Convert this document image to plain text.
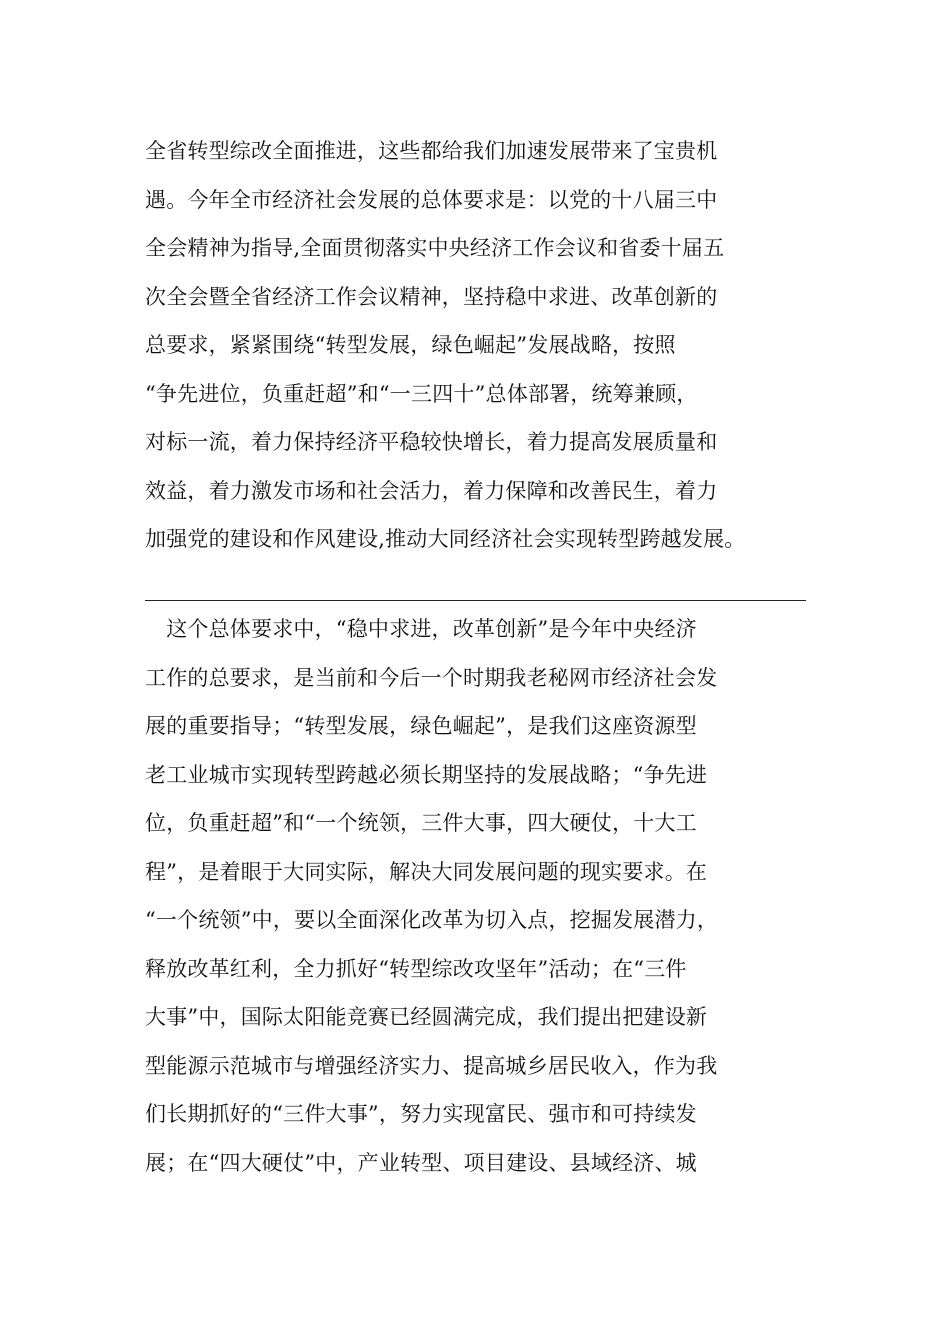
全省转型综改全面推进，这些都给我们加速发展带来了宝贵机
遇。今年全市经济社会发展的总体要求是：以党的十八届三中
全会精神为指导,全面贯彻落实中央经济工作会议和省委十届五
次全会暨全省经济工作会议精神，坚持稳中求进、改革创新的
总要求，紧紧围绕“转型发展，绿色崛起”发展战略，按照
“争先进位，负重赶超”和“一三四十”总体部署，统筹兼顾，
对标一流，着力保持经济平稳较快增长，着力提高发展质量和
效益，着力激发市场和社会活力，着力保障和改善民生，着力
加强党的建设和作风建设,推动大同经济社会实现转型跨越发展。
　这个总体要求中，“稳中求进，改革创新”是今年中央经济
工作的总要求，是当前和今后一个时期我老秘网市经济社会发
展的重要指导；“转型发展，绿色崛起”，是我们这座资源型
老工业城市实现转型跨越必须长期坚持的发展战略；“争先进
位，负重赶超”和“一个统领，三件大事，四大硬仗，十大工
程”，是着眼于大同实际，解决大同发展问题的现实要求。在
“一个统领”中，要以全面深化改革为切入点，挖掘发展潜力，
释放改革红利，全力抓好“转型综改攻坚年”活动；在“三件
大事”中，国际太阳能竞赛已经圆满完成，我们提出把建设新
型能源示范城市与增强经济实力、提高城乡居民收入，作为我
们长期抓好的“三件大事”，努力实现富民、强市和可持续发
展；在“四大硬仗”中，产业转型、项目建设、县域经济、城
